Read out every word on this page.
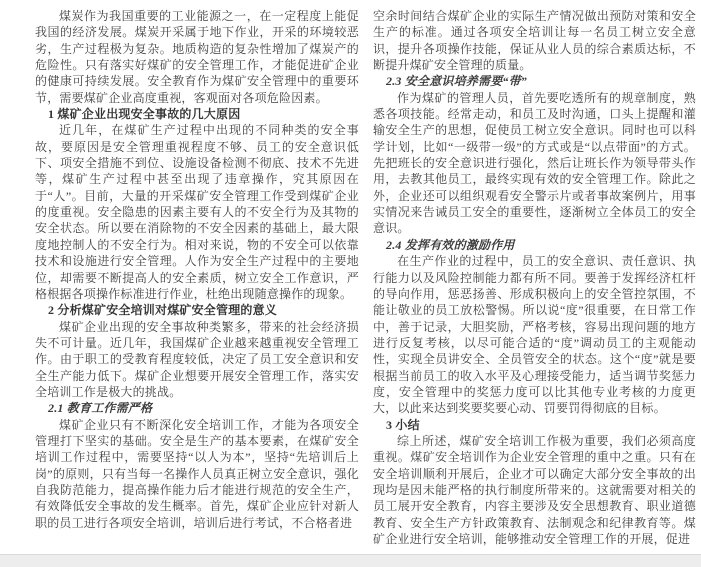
煤炭作为我国重要的工业能源之一，在一定程度上能促我国的经济发展。煤炭开采属于地下作业，开采的环境较恶劣，生产过程极为复杂。地质构造的复杂性增加了煤炭产的危险性。只有落实好煤矿的安全管理工作，才能促进矿企业的健康可持续发展。安全教育作为煤矿安全管理中的重要环节，需要煤矿企业高度重视，客观面对各项危险因素。
1 煤矿企业出现安全事故的几大原因
近几年，在煤矿生产过程中出现的不同种类的安全事故，要原因是安全管理重视程度不够、员工的安全意识低下、项安全措施不到位、设施设备检测不彻底、技术不先进等，煤矿生产过程中甚至出现了违章操作，究其原因在于“人”。目前，大量的开采煤矿安全管理工作受到煤矿企业的度重视。安全隐患的因素主要有人的不安全行为及其物的安全状态。所以要在消除物的不安全因素的基础上，最大限度地控制人的不安全行为。相对来说，物的不安全可以依靠技术和设施进行安全管理。人作为安全生产过程中的主要地位，却需要不断提高人的安全素质，树立安全工作意识，严格根据各项操作标准进行作业，杜绝出现随意操作的现象。
2 分析煤矿安全培训对煤矿安全管理的意义
煤矿企业出现的安全事故种类繁多，带来的社会经济损失不可计量。近几年，我国煤矿企业越来越重视安全管理工作。由于职工的受教育程度较低，决定了员工安全意识和安全生产能力低下。煤矿企业想要开展安全管理工作，落实安全培训工作是极大的挑战。
2.1 教育工作需严格
煤矿企业只有不断深化安全培训工作，才能为各项安全管理打下坚实的基础。安全是生产的基本要素，在煤矿安全培训工作过程中，需要坚持“以人为本”，坚持“先培训后上岗”的原则，只有当每一名操作人员真正树立安全意识，强化自我防范能力，提高操作能力后才能进行规范的安全生产，有效降低安全事故的发生概率。首先，煤矿企业应针对新人职的员工进行各项安全培训，培训后进行考试，不合格者进
空余时间结合煤矿企业的实际生产情况做出预防对策和安全生产的标准。通过各项安全培训让每一名员工树立安全意识，提升各项操作技能，保证从业人员的综合素质达标，不断提升煤矿安全管理的质量。
2.3 安全意识培养需要“带”
作为煤矿的管理人员，首先要吃透所有的规章制度，熟悉各项技能。经常走动，和员工及时沟通，口头上提醒和灌输安全生产的思想，促使员工树立安全意识。同时也可以科学计划，比如“一级带一级”的方式或是“以点带面”的方式。先把班长的安全意识进行强化，然后让班长作为领导带头作用，去教其他员工，最终实现有效的安全管理工作。除此之外，企业还可以组织观看安全警示片或者事故案例片，用事实情况来告诫员工安全的重要性，逐渐树立全体员工的安全意识。
2.4 发挥有效的激励作用
在生产作业的过程中，员工的安全意识、责任意识、执行能力以及风险控制能力都有所不同。要善于发挥经济杠杆的导向作用，惩恶扬善、形成积极向上的安全管控氛围，不能让敬业的员工放松警惕。所以说“度”很重要，在日常工作中，善于记录，大胆奖励，严格考核，容易出现问题的地方进行反复考核，以尽可能合适的“度”调动员工的主观能动性，实现全员讲安全、全员管安全的状态。这个“度”就是要根据当前员工的收入水平及心理接受能力，适当调节奖惩力度，安全管理中的奖惩力度可以比其他专业考核的力度更大，以此来达到奖要奖要心动、罚要罚得彻底的目标。
3 小结
综上所述，煤矿安全培训工作极为重要，我们必须高度重视。煤矿安全培训作为企业安全管理的重中之重。只有在安全培训顺利开展后，企业才可以确定大部分安全事故的出现均是因未能严格的执行制度所带来的。这就需要对相关的员工展开安全教育，内容主要涉及安全思想教育、职业道德教育、安全生产方针政策教育、法制观念和纪律教育等。煤矿企业进行安全培训，能够推动安全管理工作的开展，促进
